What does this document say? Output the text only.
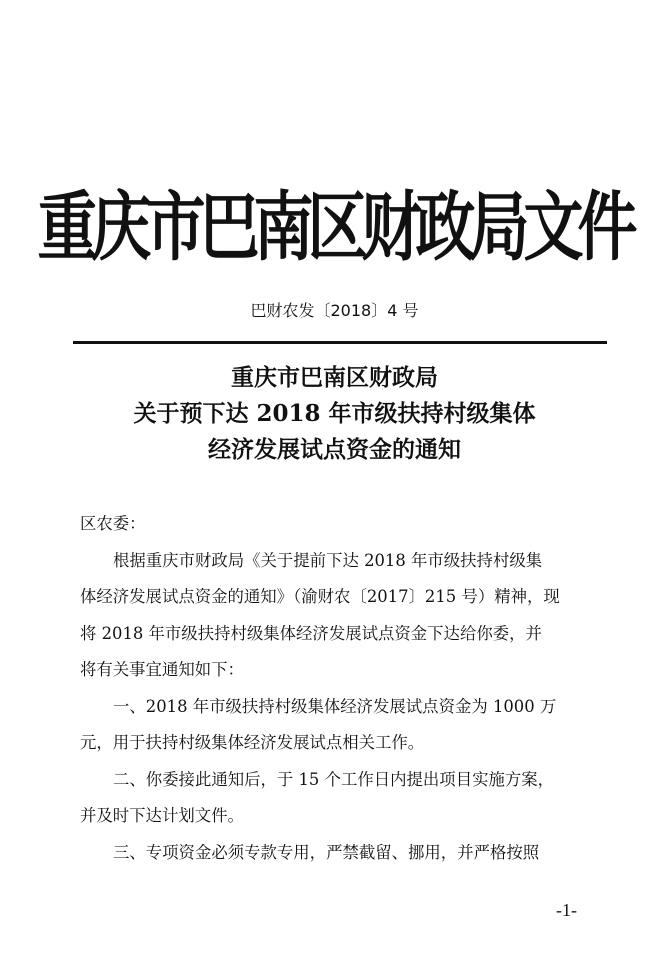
重庆市巴南区财政局文件
巴财农发〔2018〕4 号
重庆市巴南区财政局
关于预下达 2018 年市级扶持村级集体
经济发展试点资金的通知
区农委：
根据重庆市财政局《关于提前下达 2018 年市级扶持村级集
体经济发展试点资金的通知》（渝财农〔2017〕215 号）精神，现
将 2018 年市级扶持村级集体经济发展试点资金下达给你委，并
将有关事宜通知如下：
一、2018 年市级扶持村级集体经济发展试点资金为 1000 万
元，用于扶持村级集体经济发展试点相关工作。
二、你委接此通知后，于 15 个工作日内提出项目实施方案，
并及时下达计划文件。
三、专项资金必须专款专用，严禁截留、挪用，并严格按照
-1-
